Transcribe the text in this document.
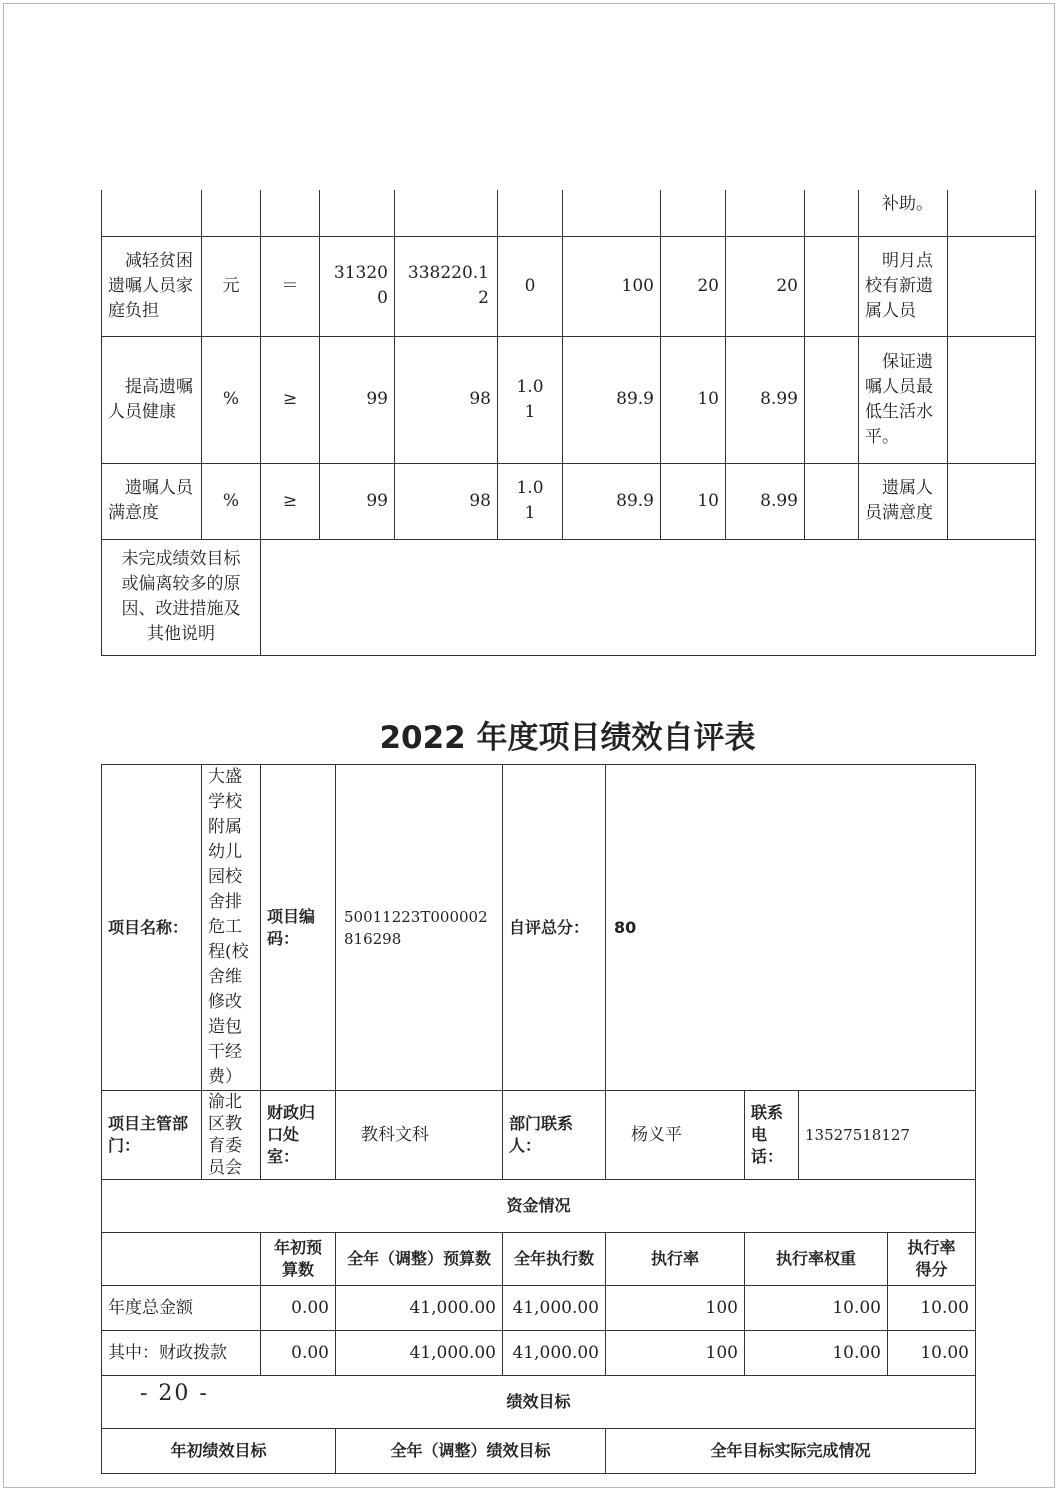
										补助。	
减轻贫困遗嘱人员家庭负担	元	＝	313200	338220.12	0	100	20	20		明月点校有新遗属人员	
提高遗嘱人员健康	%	≥	99	98	1.01	89.9	10	8.99		保证遗嘱人员最低生活水平。	
遗嘱人员满意度	%	≥	99	98	1.01	89.9	10	8.99		遗属人员满意度	
未完成绩效目标或偏离较多的原因、改进措施及其他说明											
2022 年度项目绩效自评表
项目名称：	大盛学校附属幼儿园校舍排危工程(校舍维修改造包干经费）	项目编码：	50011223T000002816298	自评总分：	80			
项目主管部门：	渝北区教育委员会	财政归口处室：	教科文科	部门联系人：	杨义平	联系电话：	13527518127	
资金情况								
		年初预算数	全年（调整）预算数	全年执行数	执行率	执行率权重		执行率得分
年度总金额		0.00	41,000.00	41,000.00	100	10.00		10.00
其中：财政拨款		0.00	41,000.00	41,000.00	100	10.00		10.00
绩效目标								
年初绩效目标			全年（调整）绩效目标		全年目标实际完成情况			
- 20 -
